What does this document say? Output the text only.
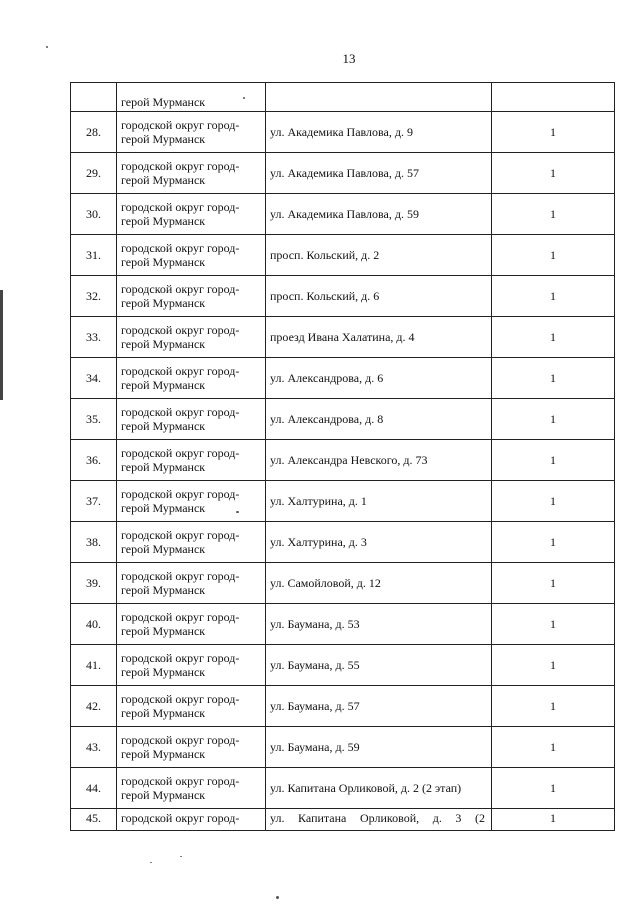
13
	герой Мурманск		
28.	городской округ город-герой Мурманск	ул. Академика Павлова, д. 9	1
29.	городской округ город-герой Мурманск	ул. Академика Павлова, д. 57	1
30.	городской округ город-герой Мурманск	ул. Академика Павлова, д. 59	1
31.	городской округ город-герой Мурманск	просп. Кольский, д. 2	1
32.	городской округ город-герой Мурманск	просп. Кольский, д. 6	1
33.	городской округ город-герой Мурманск	проезд Ивана Халатина, д. 4	1
34.	городской округ город-герой Мурманск	ул. Александрова, д. 6	1
35.	городской округ город-герой Мурманск	ул. Александрова, д. 8	1
36.	городской округ город-герой Мурманск	ул. Александра Невского, д. 73	1
37.	городской округ город-герой Мурманск	ул. Халтурина, д. 1	1
38.	городской округ город-герой Мурманск	ул. Халтурина, д. 3	1
39.	городской округ город-герой Мурманск	ул. Самойловой, д. 12	1
40.	городской округ город-герой Мурманск	ул. Баумана, д. 53	1
41.	городской округ город-герой Мурманск	ул. Баумана, д. 55	1
42.	городской округ город-герой Мурманск	ул. Баумана, д. 57	1
43.	городской округ город-герой Мурманск	ул. Баумана, д. 59	1
44.	городской округ город-герой Мурманск	ул. Капитана Орликовой, д. 2 (2 этап)	1
45.	городской округ город-	ул. Капитана Орликовой, д. 3 (2	1
